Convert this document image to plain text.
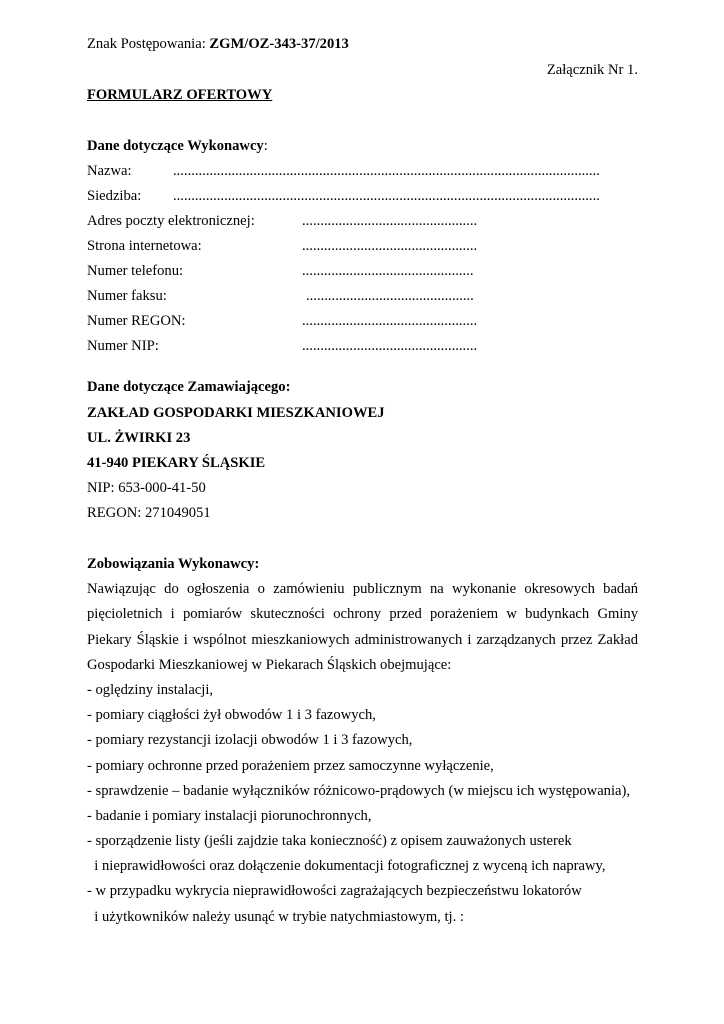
Znak Postępowania: ZGM/OZ-343-37/2013
Załącznik Nr 1.
FORMULARZ OFERTOWY
Dane dotyczące Wykonawcy:
Nazwa:	.....................................................................................................................
Siedziba: .....................................................................................................................
Adres poczty elektronicznej:	................................................
Strona internetowa:	................................................
Numer telefonu:	...............................................
Numer faksu:	..............................................
Numer REGON:	................................................
Numer NIP:	................................................
Dane dotyczące Zamawiającego:
ZAKŁAD GOSPODARKI MIESZKANIOWEJ
UL. ŻWIRKI 23
41-940 PIEKARY ŚLĄSKIE
NIP: 653-000-41-50
REGON: 271049051
Zobowiązania Wykonawcy:
Nawiązując do ogłoszenia o zamówieniu publicznym na wykonanie okresowych badań
pięcioletnich i pomiarów skuteczności ochrony przed porażeniem w budynkach Gminy
Piekary Śląskie i wspólnot mieszkaniowych administrowanych i zarządzanych przez Zakład
Gospodarki Mieszkaniowej w Piekarach Śląskich obejmujące:
- oględziny instalacji,
- pomiary ciągłości żył obwodów 1 i 3 fazowych,
- pomiary rezystancji izolacji obwodów 1 i 3 fazowych,
- pomiary ochronne przed porażeniem przez samoczynne wyłączenie,
- sprawdzenie – badanie wyłączników różnicowo-prądowych (w miejscu ich występowania),
- badanie i pomiary instalacji piorunochronnych,
- sporządzenie listy (jeśli zajdzie taka konieczność) z opisem zauważonych usterek
i nieprawidłowości oraz dołączenie dokumentacji fotograficznej z wyceną ich naprawy,
- w przypadku wykrycia nieprawidłowości zagrażających bezpieczeństwu lokatorów
i użytkowników należy usunąć w trybie natychmiastowym, tj. :
